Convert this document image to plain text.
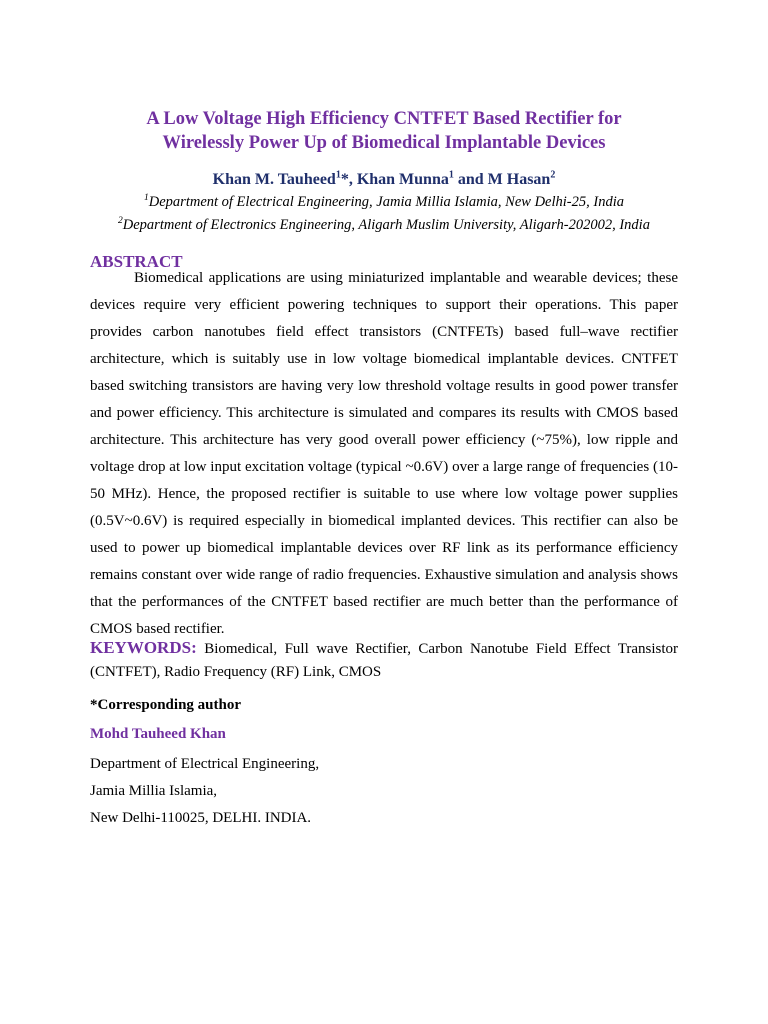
A Low Voltage High Efficiency CNTFET Based Rectifier for
Wirelessly Power Up of Biomedical Implantable Devices
Khan M. Tauheed$^1$*, Khan Munna$^1$ and M Hasan$^2$
$^1$Department of Electrical Engineering, Jamia Millia Islamia, New Delhi-25, India
$^2$Department of Electronics Engineering, Aligarh Muslim University, Aligarh-202002, India
ABSTRACT

Biomedical applications are using miniaturized implantable and wearable devices; these devices require very efficient powering techniques to support their operations. This paper provides carbon nanotubes field effect transistors (CNTFETs) based full–wave rectifier architecture, which is suitably use in low voltage biomedical implantable devices. CNTFET based switching transistors are having very low threshold voltage results in good power transfer and power efficiency. This architecture is simulated and compares its results with CMOS based architecture. This architecture has very good overall power efficiency (~75%), low ripple and voltage drop at low input excitation voltage (typical ~0.6V) over a large range of frequencies (10-50 MHz). Hence, the proposed rectifier is suitable to use where low voltage power supplies (0.5V~0.6V) is required especially in biomedical implanted devices. This rectifier can also be used to power up biomedical implantable devices over RF link as its performance efficiency remains constant over wide range of radio frequencies. Exhaustive simulation and analysis shows that the performances of the CNTFET based rectifier are much better than the performance of CMOS based rectifier.

KEYWORDS: Biomedical, Full wave Rectifier, Carbon Nanotube Field Effect Transistor (CNTFET), Radio Frequency (RF) Link, CMOS

*Corresponding author
Mohd Tauheed Khan
Department of Electrical Engineering,
Jamia Millia Islamia,
New Delhi-110025, DELHI. INDIA.
